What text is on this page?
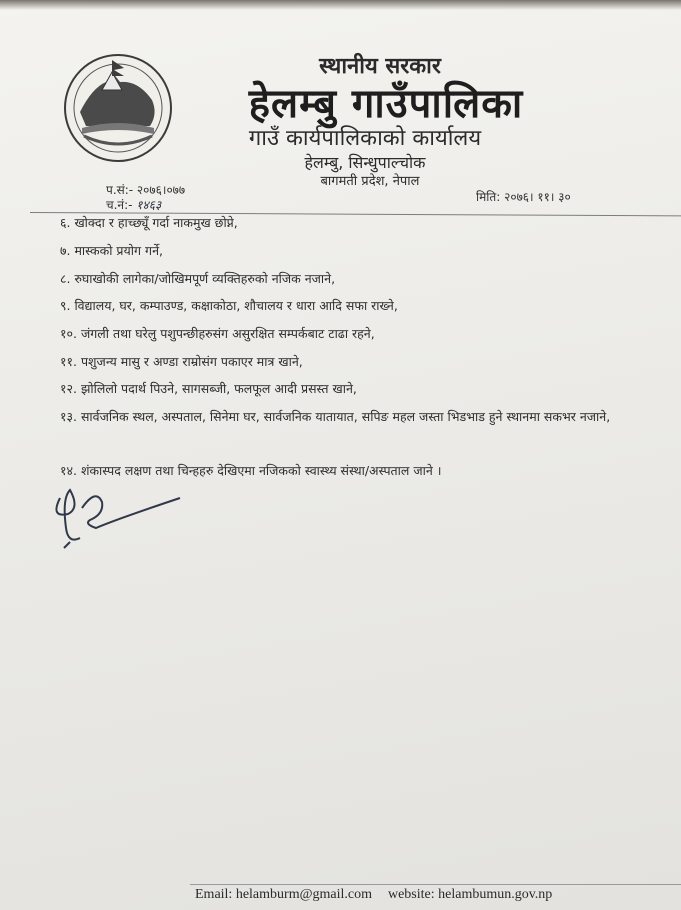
स्थानीय सरकार
हेलम्बु गाउँपालिका
गाउँ कार्यपालिकाको कार्यालय
हेलम्बु, सिन्धुपाल्चोक
बागमती प्रदेश, नेपाल
प.सं:- २०७६।०७७
च.नं:- १४६३
मिति: २०७६। ११। ३०
६. खोक्दा र हाच्छ्यूँ गर्दा नाकमुख छोप्ने,
७. मास्कको प्रयोग गर्ने,
८. रुघाखोकी लागेका/जोखिमपूर्ण व्यक्तिहरुको नजिक नजाने,
९. विद्यालय, घर, कम्पाउण्ड, कक्षाकोठा, शौचालय र धारा आदि सफा राख्ने,
१०. जंगली तथा घरेलु पशुपन्छीहरुसंग असुरक्षित सम्पर्कबाट टाढा रहने,
११. पशुजन्य मासु र अण्डा राम्रोसंग पकाएर मात्र खाने,
१२. झोलिलो पदार्थ पिउने, सागसब्जी, फलफूल आदी प्रसस्त खाने,
१३. सार्वजनिक स्थल, अस्पताल, सिनेमा घर, सार्वजनिक यातायात, सपिङ महल जस्ता भिडभाड हुने स्थानमा सकभर नजाने,
१४. शंकास्पद लक्षण तथा चिन्हहरु देखिएमा नजिकको स्वास्थ्य संस्था/अस्पताल जाने ।
Email: helamburm@gmail.com website: helambumun.gov.np
